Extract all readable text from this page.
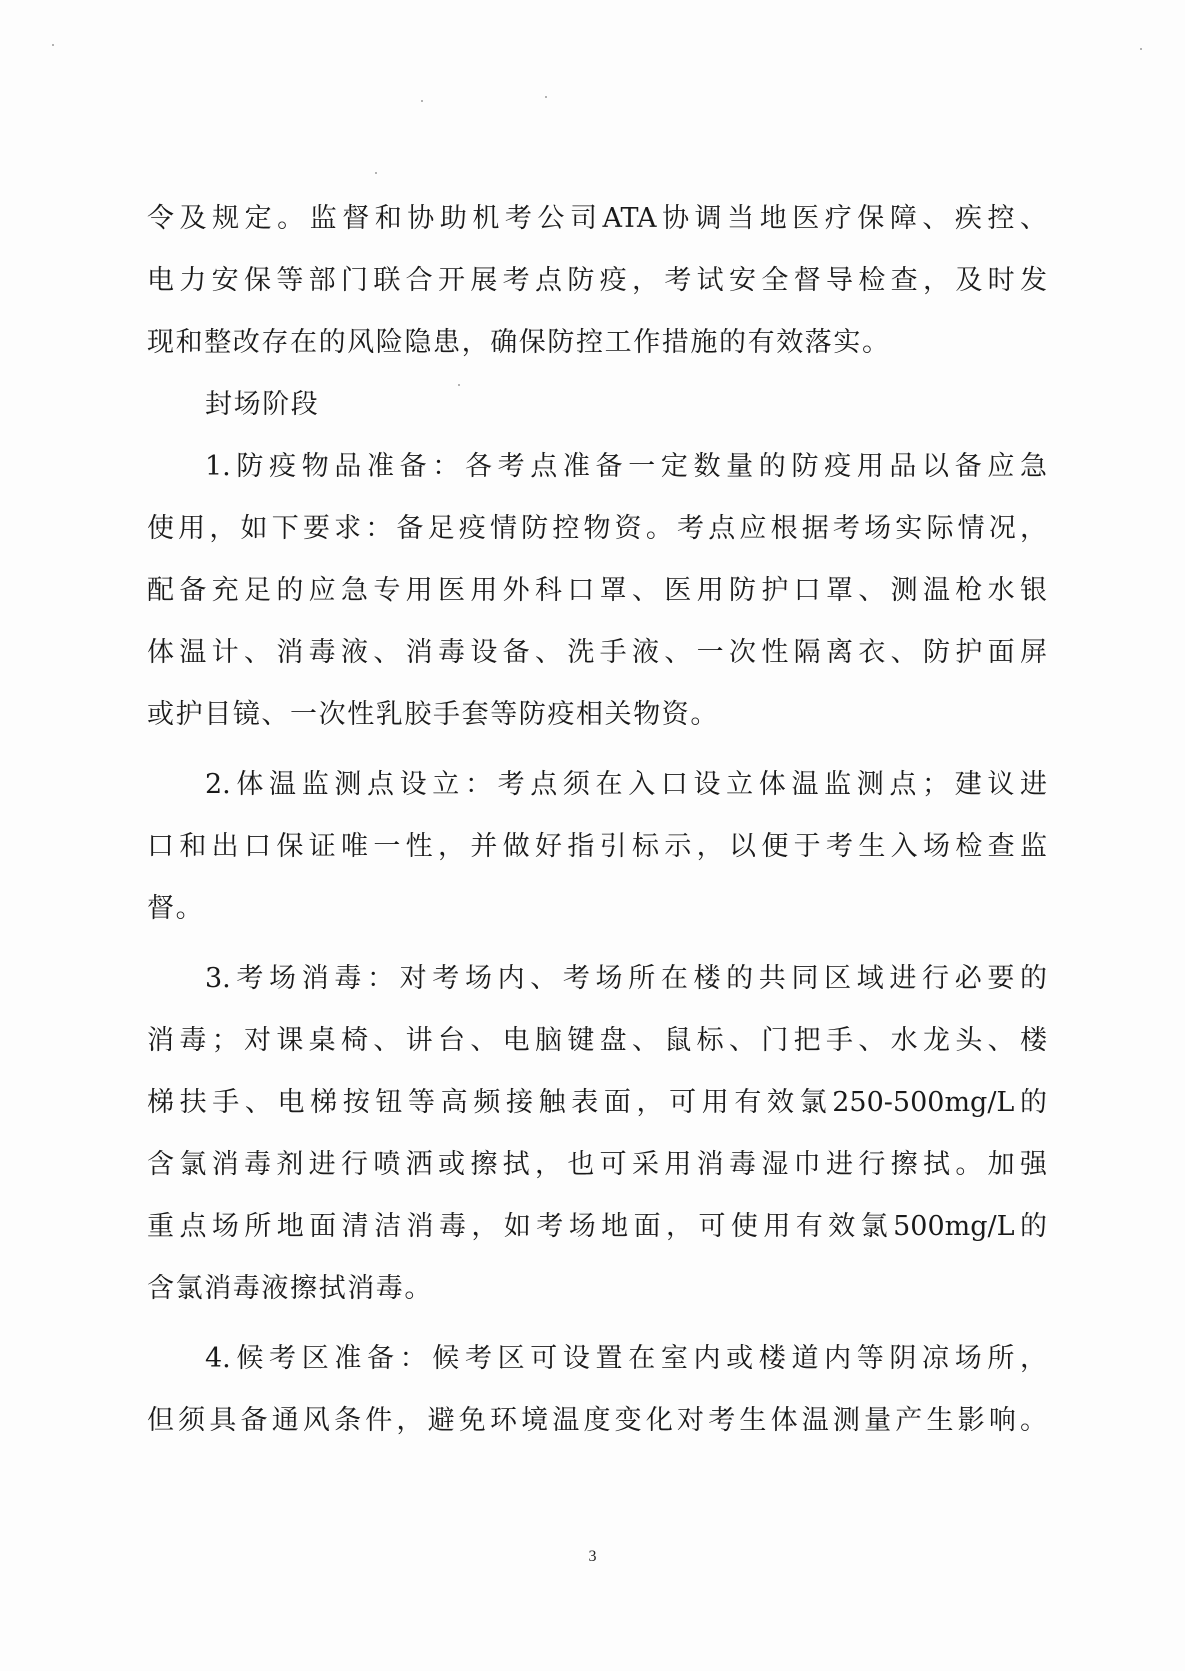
令及规定。监督和协助机考公司ATA协调当地医疗保障、疾控、
电力安保等部门联合开展考点防疫，考试安全督导检查，及时发
现和整改存在的风险隐患，确保防控工作措施的有效落实。
封场阶段
1.防疫物品准备：各考点准备一定数量的防疫用品以备应急
使用，如下要求：备足疫情防控物资。考点应根据考场实际情况，
配备充足的应急专用医用外科口罩、医用防护口罩、测温枪水银
体温计、消毒液、消毒设备、洗手液、一次性隔离衣、防护面屏
或护目镜、一次性乳胶手套等防疫相关物资。
2.体温监测点设立：考点须在入口设立体温监测点；建议进
口和出口保证唯一性，并做好指引标示，以便于考生入场检查监
督。
3.考场消毒：对考场内、考场所在楼的共同区域进行必要的
消毒；对课桌椅、讲台、电脑键盘、鼠标、门把手、水龙头、楼
梯扶手、电梯按钮等高频接触表面，可用有效氯250-500mg/L的
含氯消毒剂进行喷洒或擦拭，也可采用消毒湿巾进行擦拭。加强
重点场所地面清洁消毒，如考场地面，可使用有效氯500mg/L的
含氯消毒液擦拭消毒。
4.候考区准备：候考区可设置在室内或楼道内等阴凉场所，
但须具备通风条件，避免环境温度变化对考生体温测量产生影响。
3
